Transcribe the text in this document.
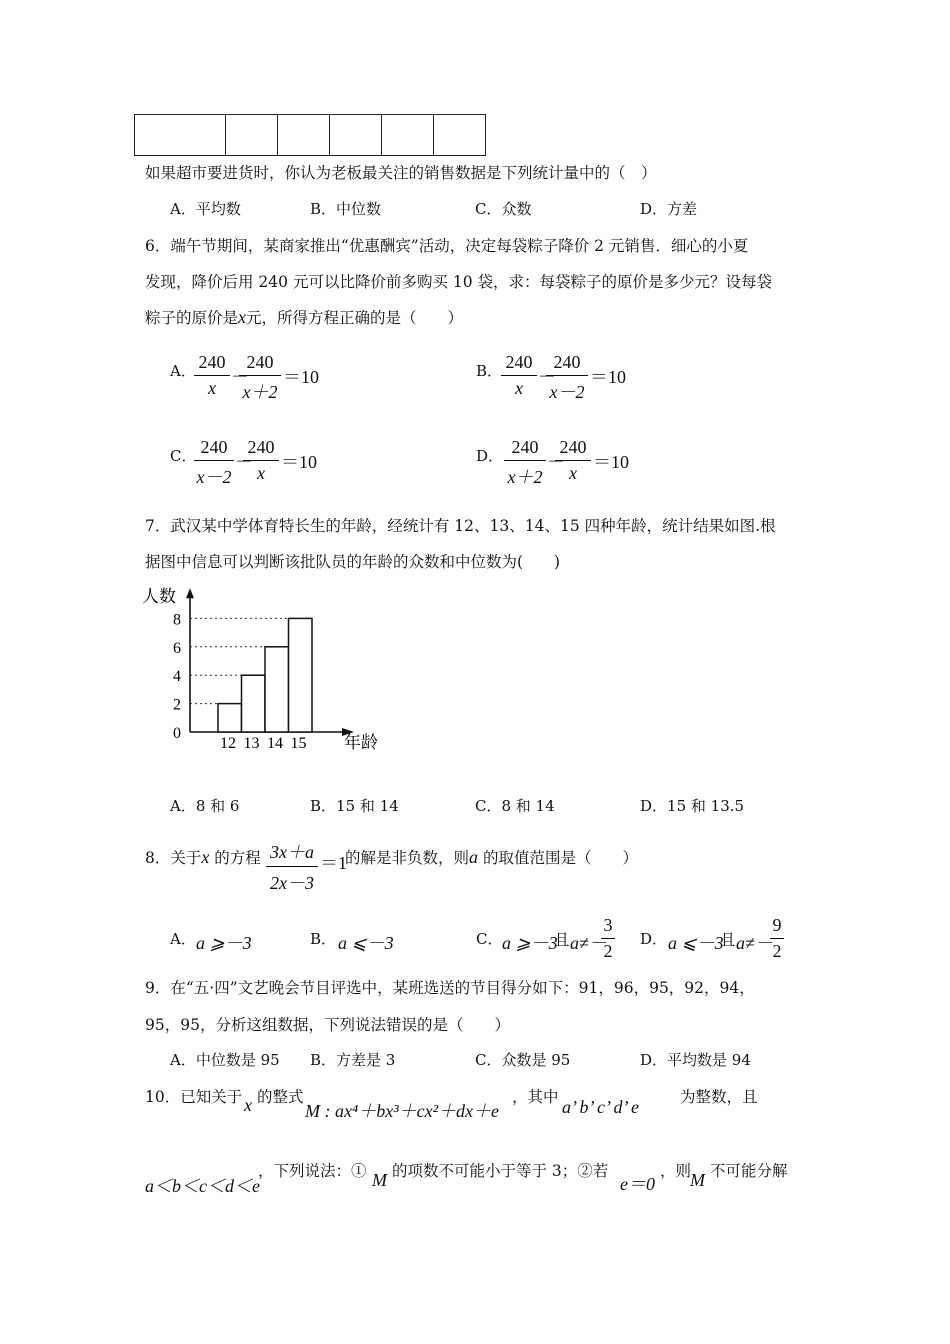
如果超市要进货时，你认为老板最关注的销售数据是下列统计量中的（　）
A．平均数	B．中位数	C．众数	D．方差
6．端午节期间，某商家推出“优惠酬宾”活动，决定每袋粽子降价 2 元销售．细心的小夏
发现，降价后用 240 元可以比降价前多购买 10 袋，求：每袋粽子的原价是多少元？设每袋
粽子的原价是x元，所得方程正确的是（　　）
A．
$\frac{240}{x}$ －
$\frac{240}{x+2} =10$	B．
$\frac{240}{x}$ －
$\frac{240}{x-2} =10$
C．
$\frac{240}{x-2}$ －
$\frac{240}{x} =10$	D． $\frac{240}{x+2}$ －
$\frac{240}{x} =10$
7．武汉某中学体育特长生的年龄，经统计有 12、13、14、15 四种年龄，统计结果如图.根
据图中信息可以判断该批队员的年龄的众数和中位数为(　　)
人数
年龄
0
2
4
6
8
12 13 14 15
A．8 和 6	B．15 和 14	C．8 和 14	D．15 和 13.5
8．关于x 的方程 $\frac{3x+a}{2x-3} =1$
的解是非负数，则a 的取值范围是（　　）
A． a ⩾－3	B． a ⩽－3	C． a ⩾－3
且 a≠－
$\frac{3}{2}$ D． a ⩽－3
且 a≠－
$\frac{9}{2}$
9．在“五·四”文艺晚会节目评选中，某班选送的节目得分如下：91，96，95，92，94，
95，95，分析这组数据，下列说法错误的是（　　）
A．中位数是 95 B．方差是 3	C．众数是 95	D．平均数是 94
10．已知关于 x 的整式
M : ax⁴＋bx³＋cx²＋dx＋e
，其中 a’ b’ c’ d’ e	为整数，且
a＜b＜c＜d＜e
，下列说法：① M 的项数不可能小于等于 3；②若
e＝0
，则
M 不可能分解
